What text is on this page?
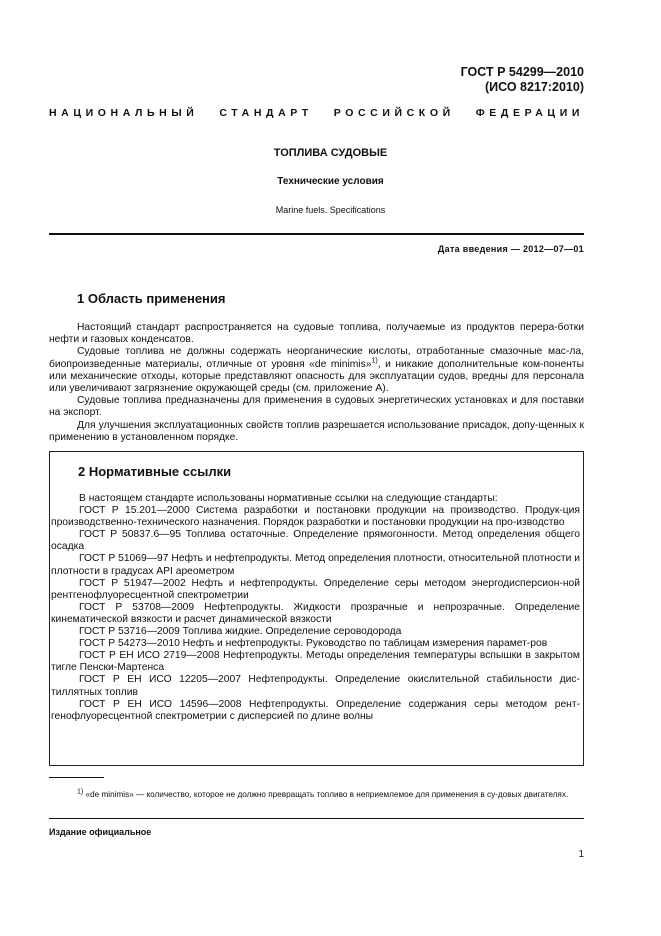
ГОСТ Р 54299—2010
(ИСО 8217:2010)
НАЦИОНАЛЬНЫЙ СТАНДАРТ РОССИЙСКОЙ ФЕДЕРАЦИИ
ТОПЛИВА СУДОВЫЕ
Технические условия
Marine fuels. Specifications
Дата введения — 2012—07—01
1 Область применения

Настоящий стандарт распространяется на судовые топлива, получаемые из продуктов перера-ботки нефти и газовых конденсатов.

Судовые топлива не должны содержать неорганические кислоты, отработанные смазочные мас-ла, биопроизведенные материалы, отличные от уровня «de minimis»$^{1)}$, и никакие дополнительные ком-поненты или механические отходы, которые представляют опасность для эксплуатации судов, вредны для персонала или увеличивают загрязнение окружающей среды (см. приложение А).

Судовые топлива предназначены для применения в судовых энергетических установках и для поставки на экспорт.

Для улучшения эксплуатационных свойств топлив разрешается использование присадок, допу-щенных к применению в установленном порядке.

2 Нормативные ссылки

В настоящем стандарте использованы нормативные ссылки на следующие стандарты:

ГОСТ Р 15.201—2000 Система разработки и постановки продукции на производство. Продук-ция производственно-технического назначения. Порядок разработки и постановки продукции на про-изводство

ГОСТ Р 50837.6—95 Топлива остаточные. Определение прямогонности. Метод определения общего осадка

ГОСТ Р 51069—97 Нефть и нефтепродукты. Метод определения плотности, относительной плотности и плотности в градусах API ареометром

ГОСТ Р 51947—2002 Нефть и нефтепродукты. Определение серы методом энергодисперсион-ной рентгенофлуоресцентной спектрометрии

ГОСТ Р 53708—2009 Нефтепродукты. Жидкости прозрачные и непрозрачные. Определение кинематической вязкости и расчет динамической вязкости

ГОСТ Р 53716—2009 Топлива жидкие. Определение сероводорода

ГОСТ Р 54273—2010 Нефть и нефтепродукты. Руководство по таблицам измерения парамет-ров

ГОСТ Р ЕН ИСО 2719—2008 Нефтепродукты. Методы определения температуры вспышки в закрытом тигле Пенски-Мартенса

ГОСТ Р ЕН ИСО 12205—2007 Нефтепродукты. Определение окислительной стабильности дис-тиллятных топлив

ГОСТ Р ЕН ИСО 14596—2008 Нефтепродукты. Определение содержания серы методом рент-генофлуоресцентной спектрометрии с дисперсией по длине волны

$^{1)}$ «de minimis» — количество, которое не должно превращать топливо в неприемлемое для применения в су-довых двигателях.

Издание официальное
1
